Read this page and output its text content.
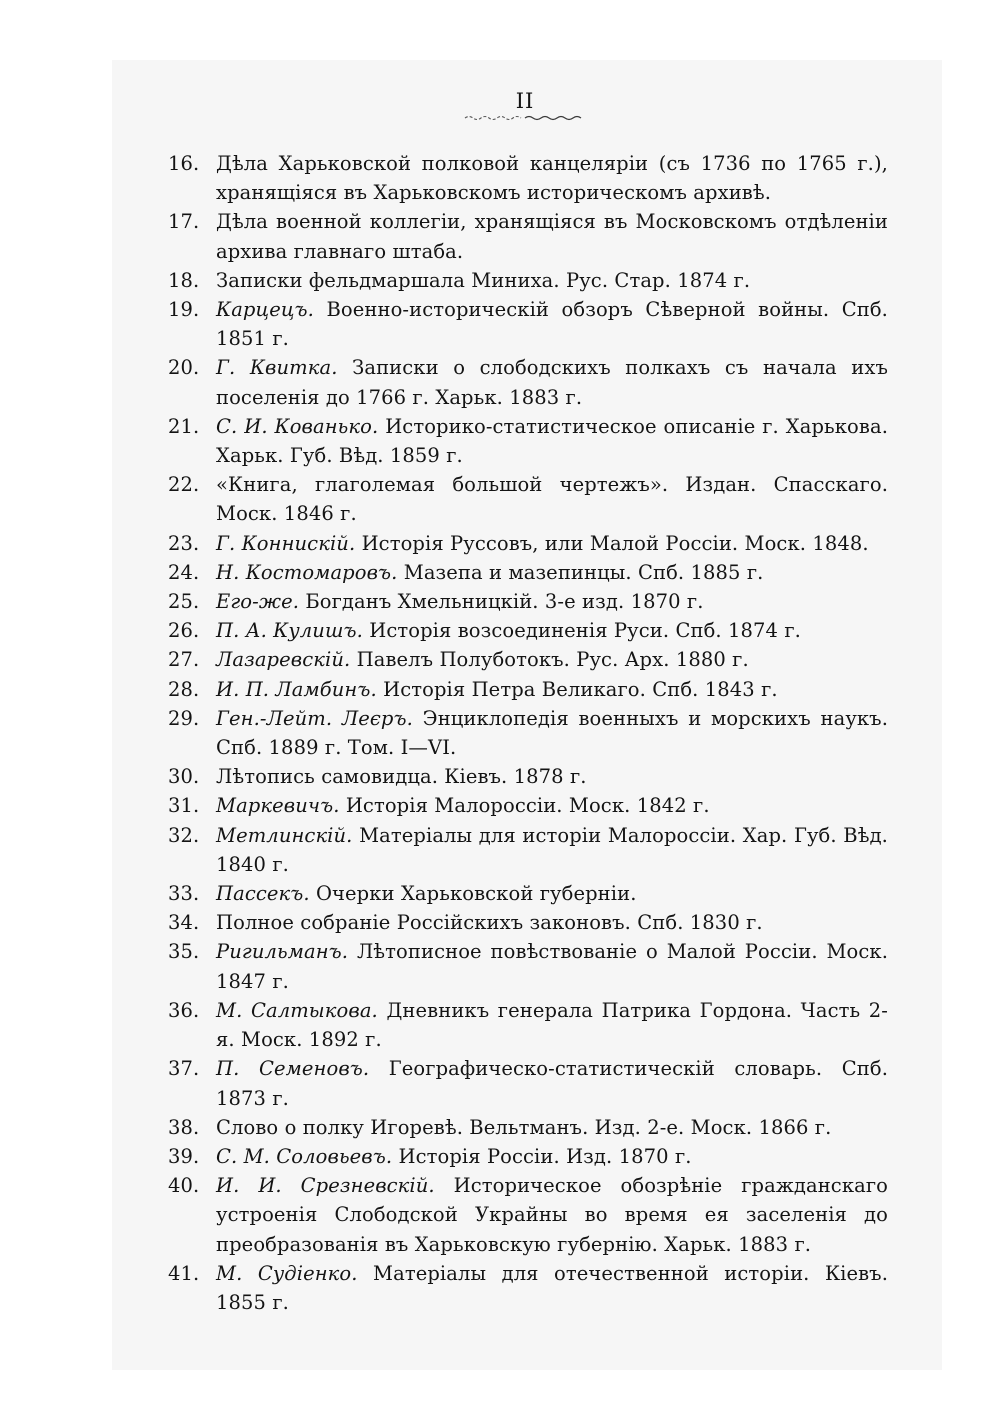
II
16. Дѣла Харьковской полковой канцеляріи (съ 1736 по 1765 г.), хранящіяся въ Харьковскомъ историческомъ архивѣ.
17. Дѣла военной коллегіи, хранящіяся въ Московскомъ отдѣленіи архива главнаго штаба.
18. Записки фельдмаршала Миниха. Рус. Стар. 1874 г.
19. Карцецъ. Военно-историческій обзоръ Сѣверной войны. Спб. 1851 г.
20. Г. Квитка. Записки о слободскихъ полкахъ съ начала ихъ поселенія до 1766 г. Харьк. 1883 г.
21. С. И. Кованько. Историко-статистическое описаніе г. Харькова. Харьк. Губ. Вѣд. 1859 г.
22. «Книга, глаголемая большой чертежъ». Издан. Спасскаго. Моск. 1846 г.
23. Г. Коннискій. Исторія Руссовъ, или Малой Россіи. Моск. 1848.
24. Н. Костомаровъ. Мазепа и мазепинцы. Спб. 1885 г.
25. Его-же. Богданъ Хмельницкій. 3-е изд. 1870 г.
26. П. А. Кулишъ. Исторія возсоединенія Руси. Спб. 1874 г.
27. Лазаревскій. Павелъ Полуботокъ. Рус. Арх. 1880 г.
28. И. П. Ламбинъ. Исторія Петра Великаго. Спб. 1843 г.
29. Ген.-Лейт. Леєръ. Энциклопедія военныхъ и морскихъ наукъ. Спб. 1889 г. Том. I—VI.
30. Лѣтопись самовидца. Кіевъ. 1878 г.
31. Маркевичъ. Исторія Малороссіи. Моск. 1842 г.
32. Метлинскій. Матеріалы для исторіи Малороссіи. Хар. Губ. Вѣд. 1840 г.
33. Пассекъ. Очерки Харьковской губерніи.
34. Полное собраніе Россійскихъ законовъ. Спб. 1830 г.
35. Ригильманъ. Лѣтописное повѣствованіе о Малой Россіи. Моск. 1847 г.
36. М. Салтыкова. Дневникъ генерала Патрика Гордона. Часть 2-я. Моск. 1892 г.
37. П. Семеновъ. Географическо-статистическій словарь. Спб. 1873 г.
38. Слово о полку Игоревѣ. Вельтманъ. Изд. 2-е. Моск. 1866 г.
39. С. М. Соловьевъ. Исторія Россіи. Изд. 1870 г.
40. И. И. Срезневскій. Историческое обозрѣніе гражданскаго устроенія Слободской Украйны во время ея заселенія до преобразованія въ Харьковскую губернію. Харьк. 1883 г.
41. М. Судіенко. Матеріалы для отечественной исторіи. Кіевъ. 1855 г.
